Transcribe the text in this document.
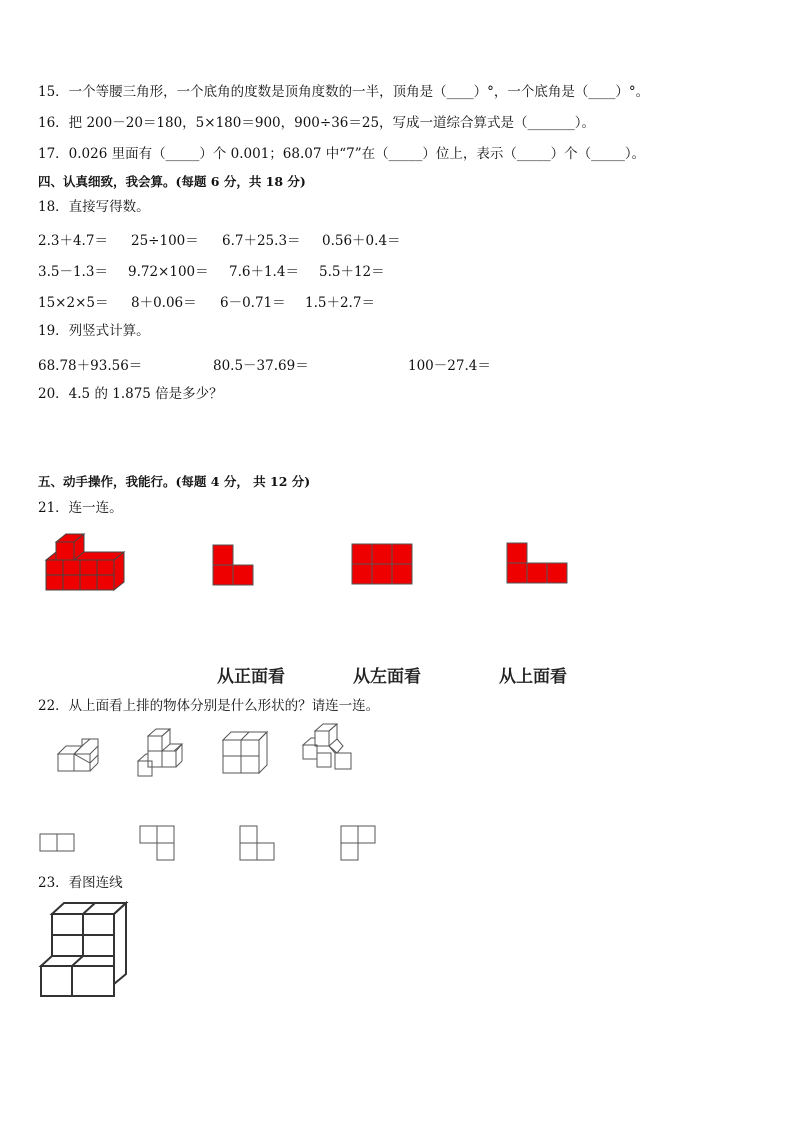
15．一个等腰三角形，一个底角的度数是顶角度数的一半，顶角是（____）°，一个底角是（____）°。
16．把 200－20＝180，5×180＝900，900÷36＝25，写成一道综合算式是（_______）。
17．0.026 里面有（_____）个 0.001；68.07 中“7”在（_____）位上，表示（_____）个（_____）。
四、认真细致，我会算。(每题 6 分，共 18 分)
18．直接写得数。
2.3＋4.7＝ 25÷100＝ 6.7＋25.3＝ 0.56＋0.4＝
3.5－1.3＝ 9.72×100＝ 7.6＋1.4＝ 5.5＋12＝
15×2×5＝ 8＋0.06＝ 6－0.71＝ 1.5＋2.7＝
19．列竖式计算。
68.78＋93.56＝	80.5－37.69＝	100－27.4＝
20．4.5 的 1.875 倍是多少？
五、动手操作，我能行。(每题 4 分， 共 12 分)
21．连一连。
从正面看	从左面看	从上面看
22．从上面看上排的物体分别是什么形状的？请连一连。
23．看图连线
